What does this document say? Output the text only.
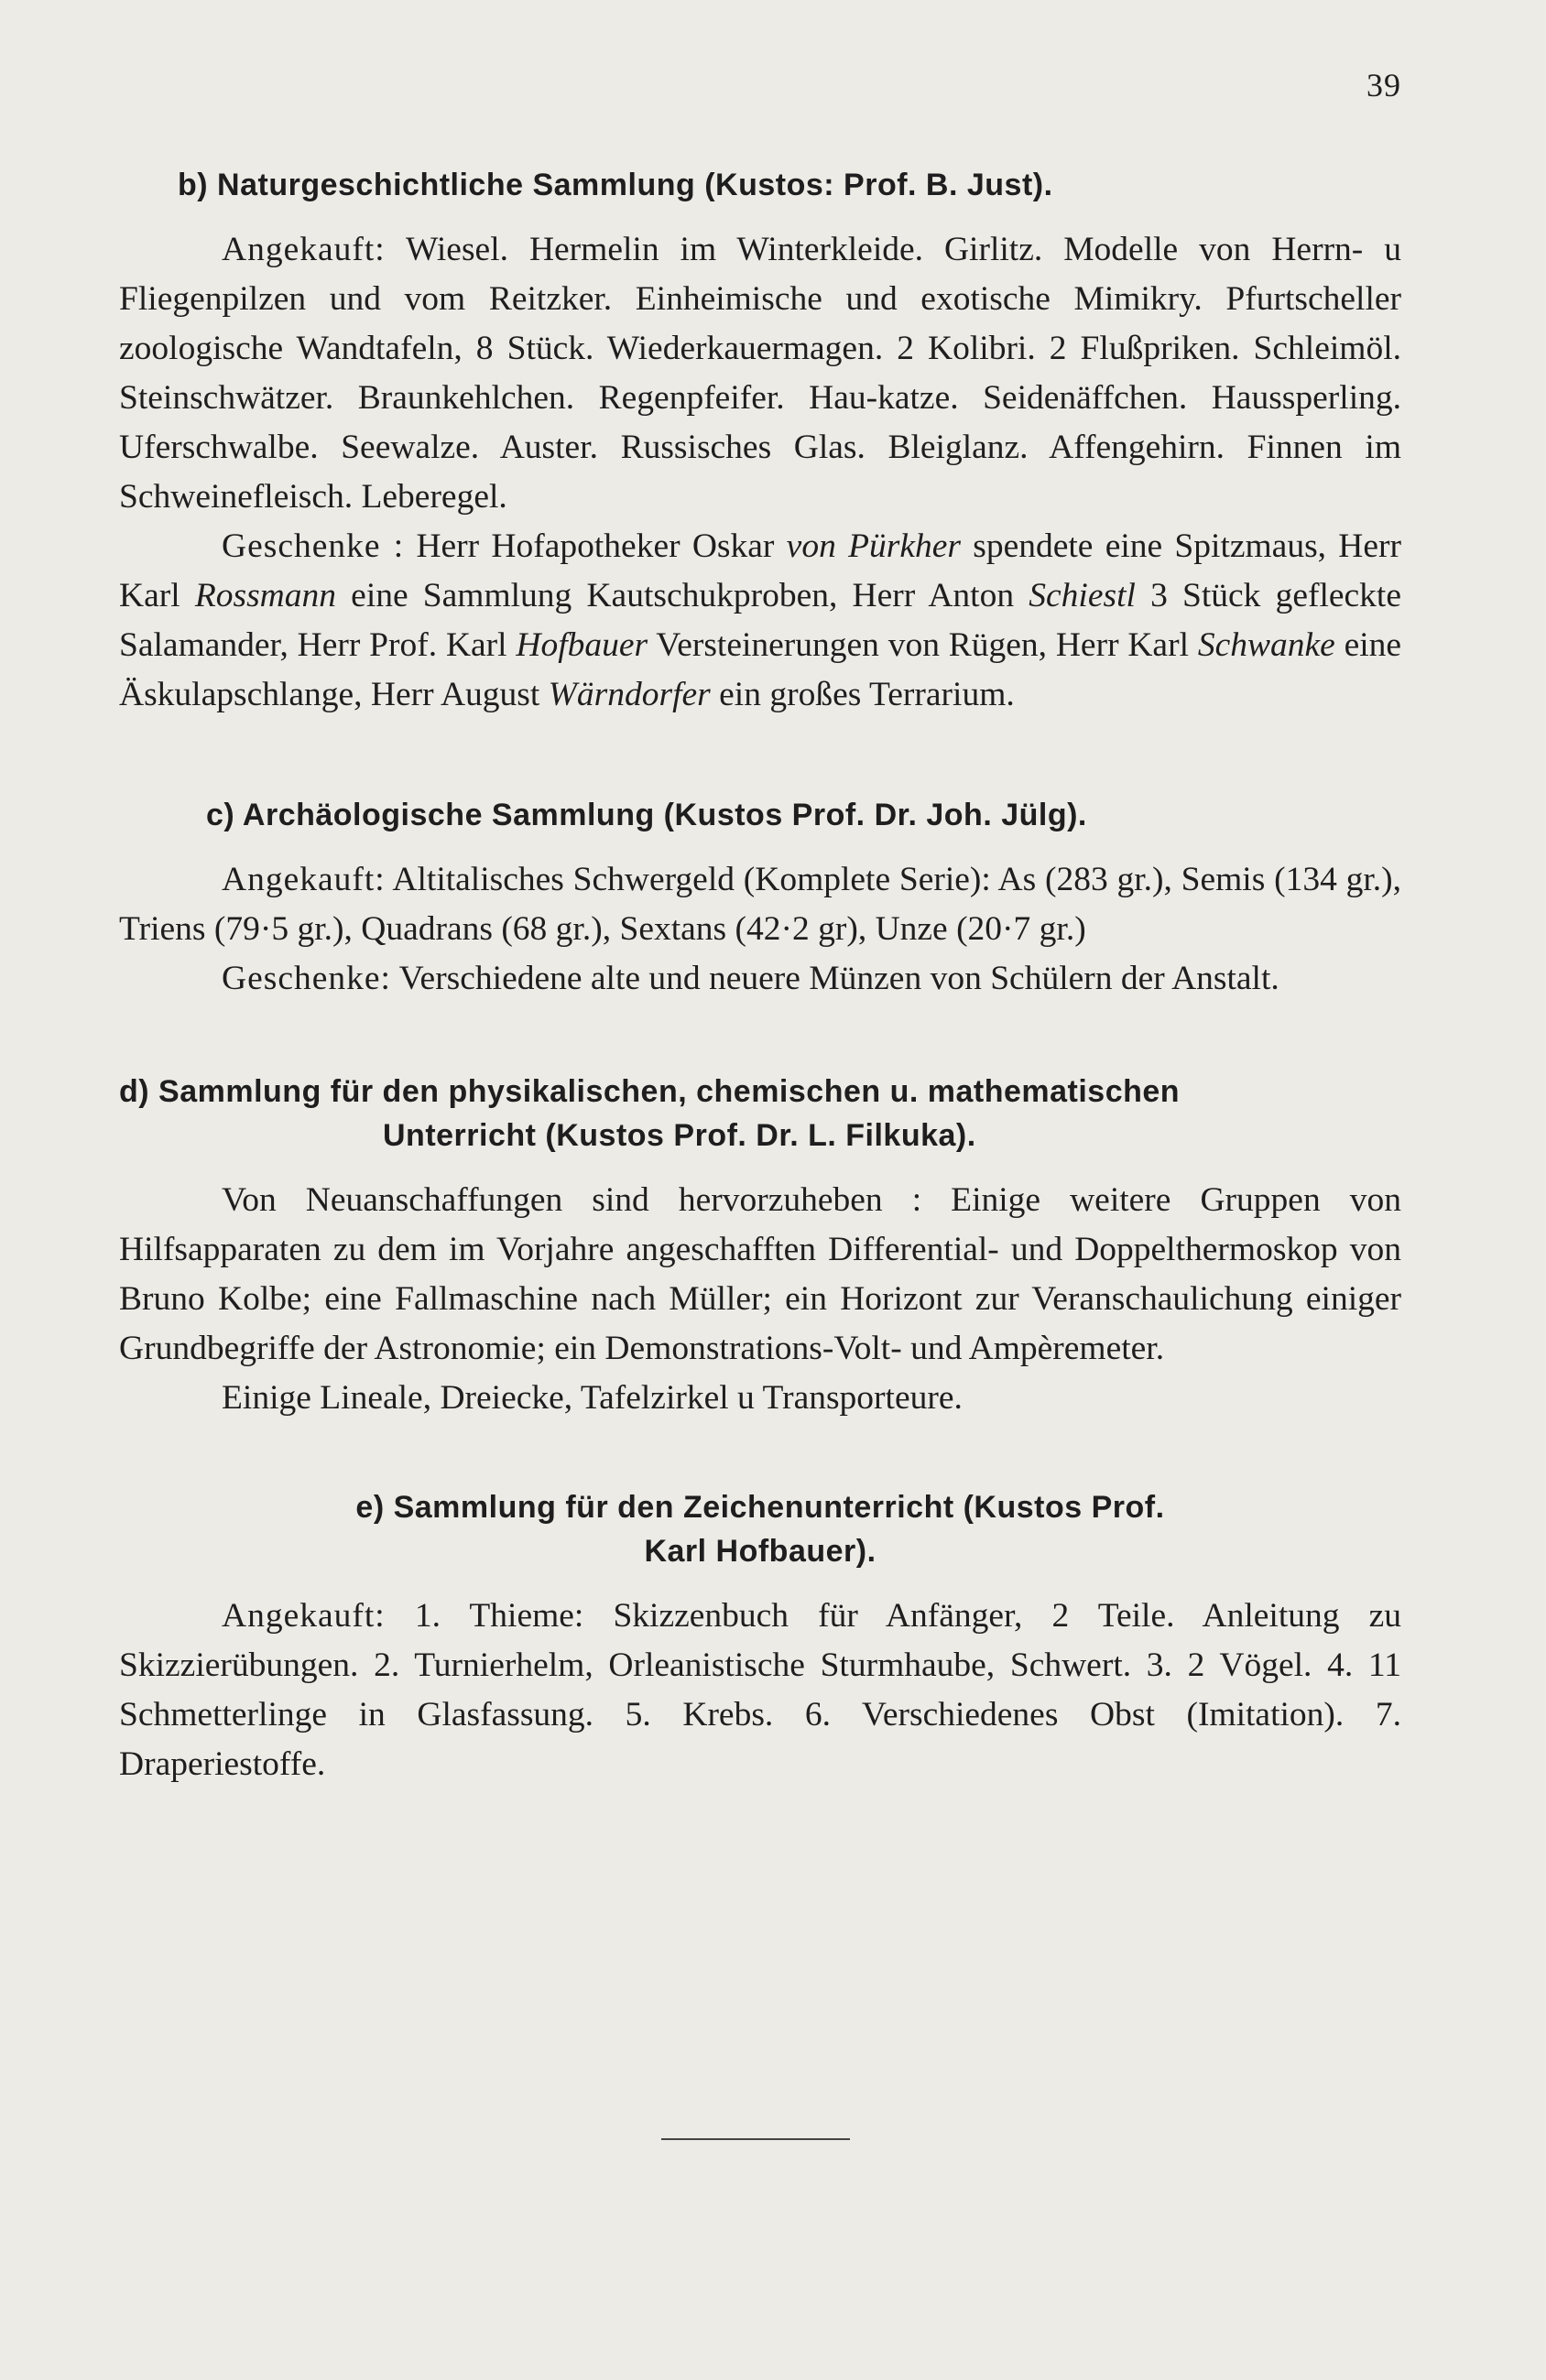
39
b) Naturgeschichtliche Sammlung (Kustos: Prof. B. Just).

Angekauft: Wiesel. Hermelin im Winterkleide. Girlitz. Modelle von Herrn- u Fliegenpilzen und vom Reitzker. Einheimische und exotische Mimikry. Pfurtscheller zoologische Wandtafeln, 8 Stück. Wiederkauermagen. 2 Kolibri. 2 Flußpriken. Schleimöl. Steinschwätzer. Braunkehlchen. Regenpfeifer. Hau-katze. Seidenäffchen. Haussperling. Uferschwalbe. Seewalze. Auster. Russisches Glas. Bleiglanz. Affengehirn. Finnen im Schweinefleisch. Leberegel.

Geschenke : Herr Hofapotheker Oskar von Pürkher spendete eine Spitzmaus, Herr Karl Rossmann eine Sammlung Kautschukproben, Herr Anton Schiestl 3 Stück gefleckte Salamander, Herr Prof. Karl Hofbauer Versteinerungen von Rügen, Herr Karl Schwanke eine Äskulapschlange, Herr August Wärndorfer ein großes Terrarium.

c) Archäologische Sammlung (Kustos Prof. Dr. Joh. Jülg).

Angekauft: Altitalisches Schwergeld (Komplete Serie): As (283 gr.), Semis (134 gr.), Triens (79·5 gr.), Quadrans (68 gr.), Sextans (42·2 gr), Unze (20·7 gr.)

Geschenke: Verschiedene alte und neuere Münzen von Schülern der Anstalt.

d) Sammlung für den physikalischen, chemischen u. mathematischen
Unterricht (Kustos Prof. Dr. L. Filkuka).

Von Neuanschaffungen sind hervorzuheben : Einige weitere Gruppen von Hilfsapparaten zu dem im Vorjahre angeschafften Differential- und Doppelthermoskop von Bruno Kolbe; eine Fallmaschine nach Müller; ein Horizont zur Veranschaulichung einiger Grundbegriffe der Astronomie; ein Demonstrations-Volt- und Ampèremeter.

Einige Lineale, Dreiecke, Tafelzirkel u Transporteure.

e) Sammlung für den Zeichenunterricht (Kustos Prof.
Karl Hofbauer).

Angekauft: 1. Thieme: Skizzenbuch für Anfänger, 2 Teile. Anleitung zu Skizzierübungen. 2. Turnierhelm, Orleanistische Sturmhaube, Schwert. 3. 2 Vögel. 4. 11 Schmetterlinge in Glasfassung. 5. Krebs. 6. Verschiedenes Obst (Imitation). 7. Draperiestoffe.
